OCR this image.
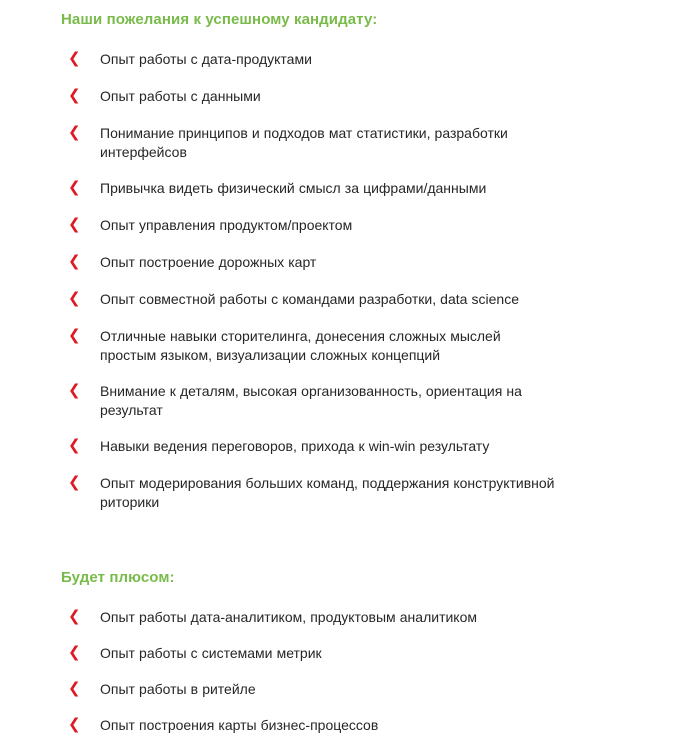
Наши пожелания к успешному кандидату:
❮ Опыт работы с дата-продуктами
❮ Опыт работы с данными
❮ Понимание принципов и подходов мат статистики, разработки интерфейсов
❮ Привычка видеть физический смысл за цифрами/данными
❮ Опыт управления продуктом/проектом
❮ Опыт построение дорожных карт
❮ Опыт совместной работы с командами разработки, data science
❮ Отличные навыки сторителинга, донесения сложных мыслей простым языком, визуализации сложных концепций
❮ Внимание к деталям, высокая организованность, ориентация на результат
❮ Навыки ведения переговоров, прихода к win-win результату
❮ Опыт модерирования больших команд, поддержания конструктивной риторики
Будет плюсом:
❮ Опыт работы дата-аналитиком, продуктовым аналитиком
❮ Опыт работы с системами метрик
❮ Опыт работы в ритейле
❮ Опыт построения карты бизнес-процессов
